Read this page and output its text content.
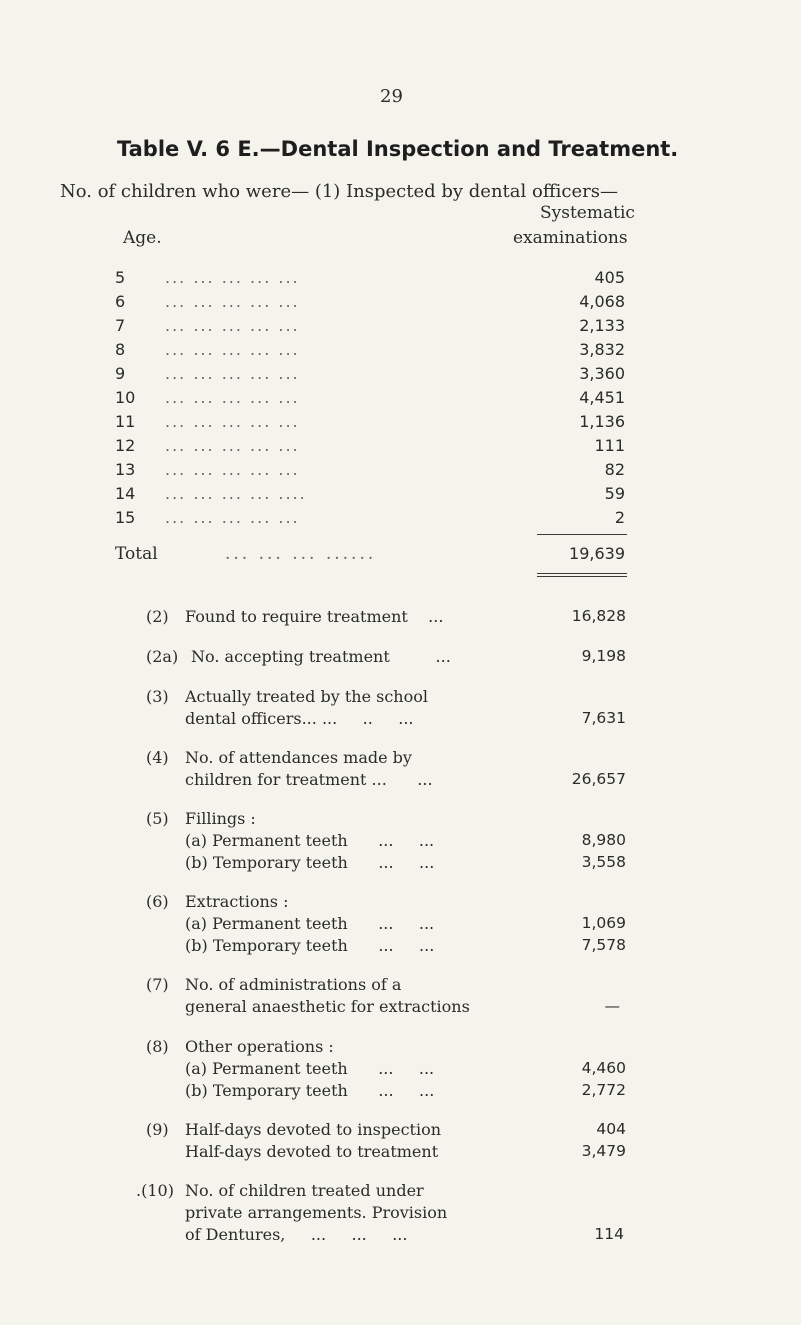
29
Table V. 6 E.—Dental Inspection and Treatment.
No. of children who were— (1) Inspected by dental officers—
Age.
Systematic
examinations
5 ... ... ... ... ...	405
6 ... ... ... ... ...	4,068
7 ... ... ... ... ...	2,133
8 ... ... ... ... ...	3,832
9 ... ... ... ... ...	3,360
10 ... ... ... ... ...	4,451
11 ... ... ... ... ...	1,136
12 ... ... ... ... ...	111
13 ... ... ... ... ...	82
14 ... ... ... ... ....	59
15 ... ... ... ... ...	2
Total	... ... ... ......	19,639
(2) Found to require treatment    ...	16,828
(2a) No. accepting treatment         ...	9,198
(3) Actually treated by the school
dental officers... ...     ..     ...	7,631
(4) No. of attendances made by
children for treatment ...      ...	26,657
(5) Fillings :
(a) Permanent teeth      ...     ...	8,980
(b) Temporary teeth      ...     ...	3,558
(6) Extractions :
(a) Permanent teeth      ...     ...	1,069
(b) Temporary teeth      ...     ...	7,578
(7) No. of administrations of a
general anaesthetic for extractions	—
(8) Other operations :
(a) Permanent teeth      ...     ...	4,460
(b) Temporary teeth      ...     ...	2,772
(9) Half-days devoted to inspection	404
Half-days devoted to treatment	3,479
.(10) No. of children treated under
private arrangements. Provision
of Dentures,     ...     ...     ...	114
